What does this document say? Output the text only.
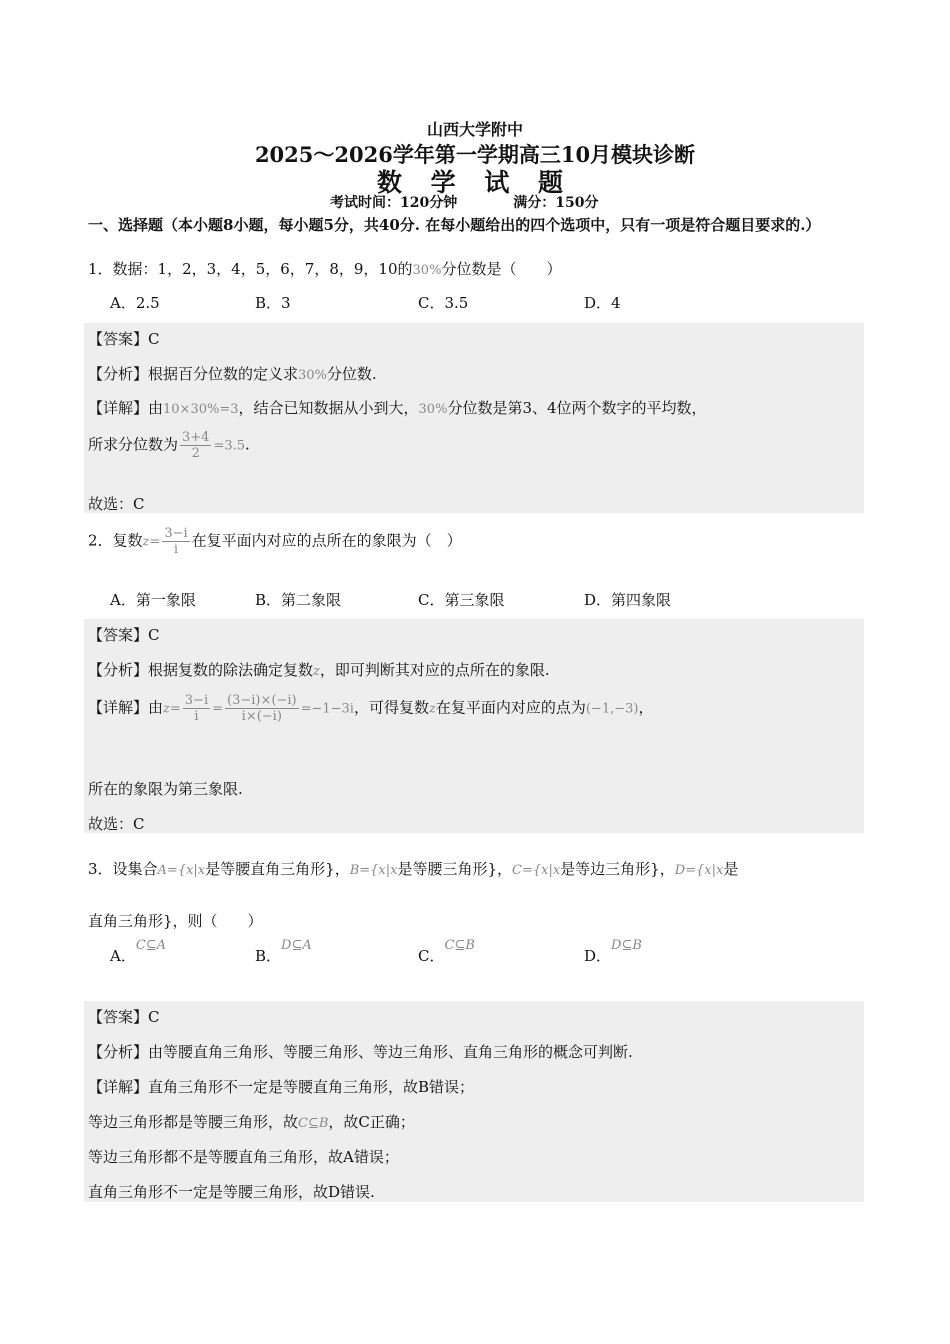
山西大学附中
2025～2026学年第一学期高三10月模块诊断
数 学 试 题
考试时间：120分钟	满分：150分
一、选择题（本小题8小题，每小题5分，共40分. 在每小题给出的四个选项中，只有一项是符合题目要求的.）
1．数据：1，2，3，4，5，6，7，8，9，10的30%分位数是（　　）
A．2.5	B．3	C．3.5	D．4
【答案】C
【分析】根据百分位数的定义求30%分位数.
【详解】由10×30%=3，结合已知数据从小到大，30%分位数是第3、4位两个数字的平均数，
所求分位数为 $\frac{3+4}{2} =3.5$.
故选：C
2．复数$z= \frac{3-i}{i}$ 在复平面内对应的点所在的象限为（　）
A．第一象限	B．第二象限	C．第三象限	D．第四象限
【答案】C
【分析】根据复数的除法确定复数z，即可判断其对应的点所在的象限.
【详解】由$z= \frac{3-i}{i} = \frac{(3-i)\times(-i)}{i\times(-i)} =-1-3i$，可得复数z在复平面内对应的点为(−1,−3)，
所在的象限为第三象限.
故选：C
3．设集合A={x|x是等腰直角三角形}，B={x|x是等腰三角形}，C={x|x是等边三角形}，D={x|x是
直角三角形}，则（　　）
A．C⊆A
B．D⊆A
C．C⊆B
D．D⊆B
【答案】C
【分析】由等腰直角三角形、等腰三角形、等边三角形、直角三角形的概念可判断.
【详解】直角三角形不一定是等腰直角三角形，故B错误；
等边三角形都是等腰三角形，故C⊆B，故C正确；
等边三角形都不是等腰直角三角形，故A错误；
直角三角形不一定是等腰三角形，故D错误.
